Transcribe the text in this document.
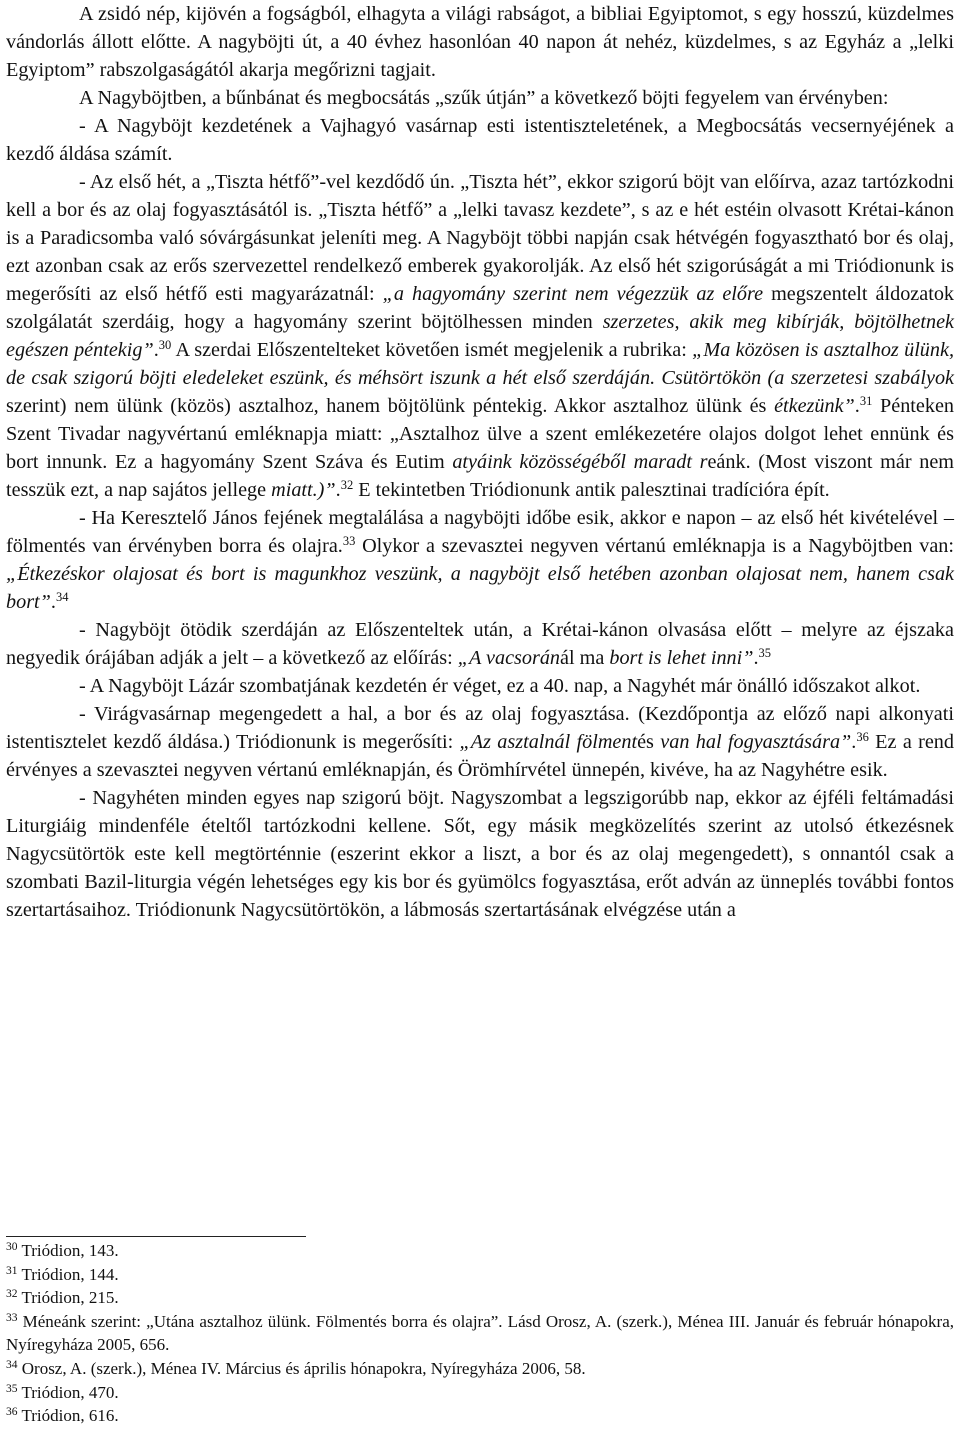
A zsidó nép, kijövén a fogságból, elhagyta a világi rabságot, a bibliai Egyiptomot, s egy hosszú, küzdelmes vándorlás állott előtte. A nagyböjti út, a 40 évhez hasonlóan 40 napon át nehéz, küzdelmes, s az Egyház a „lelki Egyiptom” rabszolgaságától akarja megőrizni tagjait.

A Nagyböjtben, a bűnbánat és megbocsátás „szűk útján” a következő böjti fegyelem van érvényben:

- A Nagyböjt kezdetének a Vajhagyó vasárnap esti istentiszteletének, a Megbocsátás vecsernyéjének a kezdő áldása számít.

- Az első hét, a „Tiszta hétfő”-vel kezdődő ún. „Tiszta hét”, ekkor szigorú böjt van előírva, azaz tartózkodni kell a bor és az olaj fogyasztásától is. „Tiszta hétfő” a „lelki tavasz kezdete”, s az e hét estéin olvasott Krétai-kánon is a Paradicsomba való sóvárgásunkat jeleníti meg. A Nagyböjt többi napján csak hétvégén fogyasztható bor és olaj, ezt azonban csak az erős szervezettel rendelkező emberek gyakorolják. Az első hét szigorúságát a mi Triódionunk is megerősíti az első hétfő esti magyarázatnál: „a hagyomány szerint nem végezzük az előre megszentelt áldozatok szolgálatát szerdáig, hogy a hagyomány szerint böjtölhessen minden szerzetes, akik meg kibírják, böjtölhetnek egészen péntekig”.$^{30}$ A szerdai Előszentelteket követően ismét megjelenik a rubrika: „Ma közösen is asztalhoz ülünk, de csak szigorú böjti eledeleket eszünk, és méhsört iszunk a hét első szerdáján. Csütörtökön (a szerzetesi szabályok szerint) nem ülünk (közös) asztalhoz, hanem böjtölünk péntekig. Akkor asztalhoz ülünk és étkezünk”.$^{31}$ Pénteken Szent Tivadar nagyvértanú emléknapja miatt: „Asztalhoz ülve a szent emlékezetére olajos dolgot lehet ennünk és bort innunk. Ez a hagyomány Szent Száva és Eutim atyáink közösségéből maradt reánk. (Most viszont már nem tesszük ezt, a nap sajátos jellege miatt.)”.$^{32}$ E tekintetben Triódionunk antik palesztinai tradícióra épít.

- Ha Keresztelő János fejének megtalálása a nagyböjti időbe esik, akkor e napon – az első hét kivételével – fölmentés van érvényben borra és olajra.$^{33}$ Olykor a szevasztei negyven vértanú emléknapja is a Nagyböjtben van: „Étkezéskor olajosat és bort is magunkhoz veszünk, a nagyböjt első hetében azonban olajosat nem, hanem csak bort”.$^{34}$

- Nagyböjt ötödik szerdáján az Előszenteltek után, a Krétai-kánon olvasása előtt – melyre az éjszaka negyedik órájában adják a jelt – a következő az előírás: „A vacsoránál ma bort is lehet inni”.$^{35}$

- A Nagyböjt Lázár szombatjának kezdetén ér véget, ez a 40. nap, a Nagyhét már önálló időszakot alkot.

- Virágvasárnap megengedett a hal, a bor és az olaj fogyasztása. (Kezdőpontja az előző napi alkonyati istentisztelet kezdő áldása.) Triódionunk is megerősíti: „Az asztalnál fölmentés van hal fogyasztására”.$^{36}$ Ez a rend érvényes a szevasztei negyven vértanú emléknapján, és Örömhírvétel ünnepén, kivéve, ha az Nagyhétre esik.

- Nagyhéten minden egyes nap szigorú böjt. Nagyszombat a legszigorúbb nap, ekkor az éjféli feltámadási Liturgiáig mindenféle ételtől tartózkodni kellene. Sőt, egy másik megközelítés szerint az utolsó étkezésnek Nagycsütörtök este kell megtörténnie (eszerint ekkor a liszt, a bor és az olaj megengedett), s onnantól csak a szombati Bazil-liturgia végén lehetséges egy kis bor és gyümölcs fogyasztása, erőt adván az ünneplés további fontos szertartásaihoz. Triódionunk Nagycsütörtökön, a lábmosás szertartásának elvégzése után a

$^{30}$ Triódion, 143.
$^{31}$ Triódion, 144.
$^{32}$ Triódion, 215.
$^{33}$ Méneánk szerint: „Utána asztalhoz ülünk. Fölmentés borra és olajra”. Lásd Orosz, A. (szerk.), Ménea III. Január és február hónapokra, Nyíregyháza 2005, 656.
$^{34}$ Orosz, A. (szerk.), Ménea IV. Március és április hónapokra, Nyíregyháza 2006, 58.
$^{35}$ Triódion, 470.
$^{36}$ Triódion, 616.
